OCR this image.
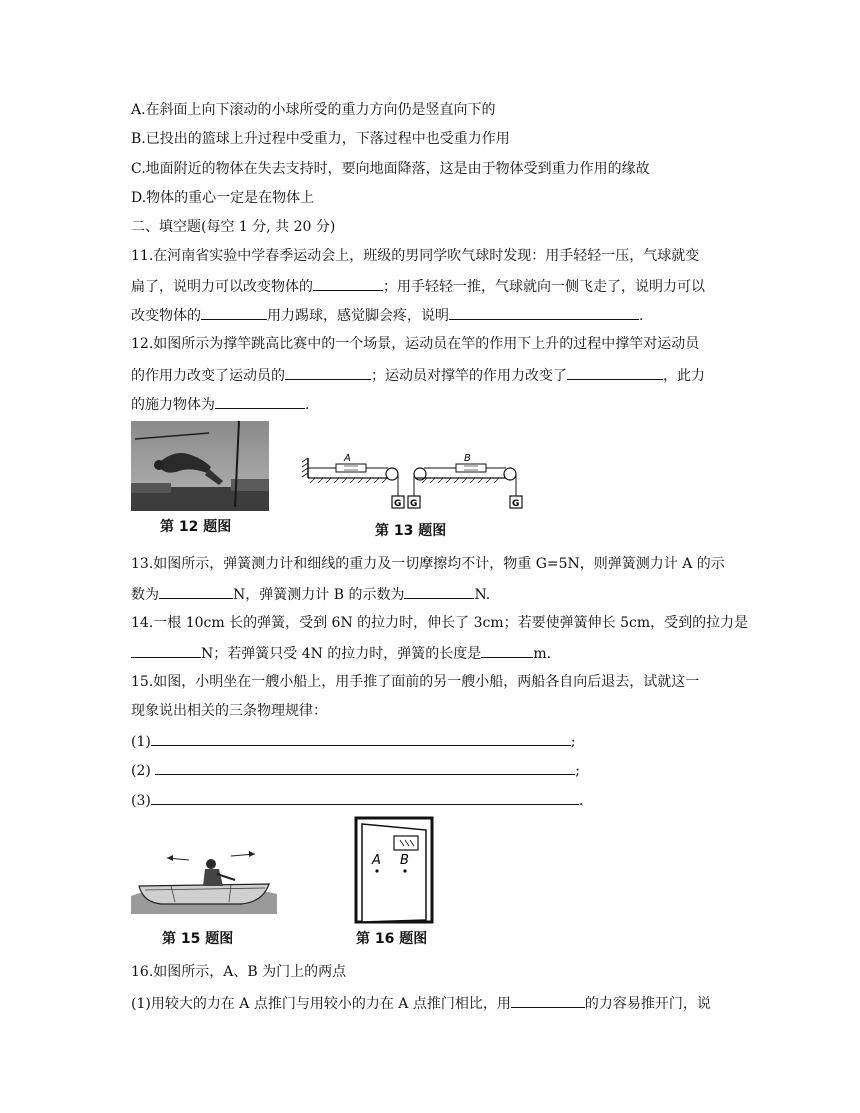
A.在斜面上向下滚动的小球所受的重力方向仍是竖直向下的
B.已投出的篮球上升过程中受重力，下落过程中也受重力作用
C.地面附近的物体在失去支持时，要向地面降落，这是由于物体受到重力作用的缘故
D.物体的重心一定是在物体上
二、填空题(每空 1 分, 共 20 分)
11.在河南省实验中学春季运动会上，班级的男同学吹气球时发现：用手轻轻一压，气球就变
扁了，说明力可以改变物体的	；用手轻轻一推，气球就向一侧飞走了，说明力可以
改变物体的	用力踢球，感觉脚会疼，说明	.
12.如图所示为撑竿跳高比赛中的一个场景，运动员在竿的作用下上升的过程中撑竿对运动员
的作用力改变了运动员的	；运动员对撑竿的作用力改变了	，此力
的施力物体为	.
第 12 题图
A
G G
B
G
第 13 题图
13.如图所示，弹簧测力计和细线的重力及一切摩擦均不计，物重 G=5N，则弹簧测力计 A 的示
数为	N，弹簧测力计 B 的示数为	N.
14.一根 10cm 长的弹簧，受到 6N 的拉力时，伸长了 3cm；若要使弹簧伸长 5cm，受到的拉力是
N；若弹簧只受 4N 的拉力时，弹簧的长度是	m.
15.如图，小明坐在一艘小船上，用手推了面前的另一艘小船，两船各自向后退去，试就这一
现象说出相关的三条物理规律：
(1)	;
(2)	;
(3)	.
第 15 题图
A B
第 16 题图
16.如图所示，A、B 为门上的两点
(1)用较大的力在 A 点推门与用较小的力在 A 点推门相比，用	的力容易推开门，说
